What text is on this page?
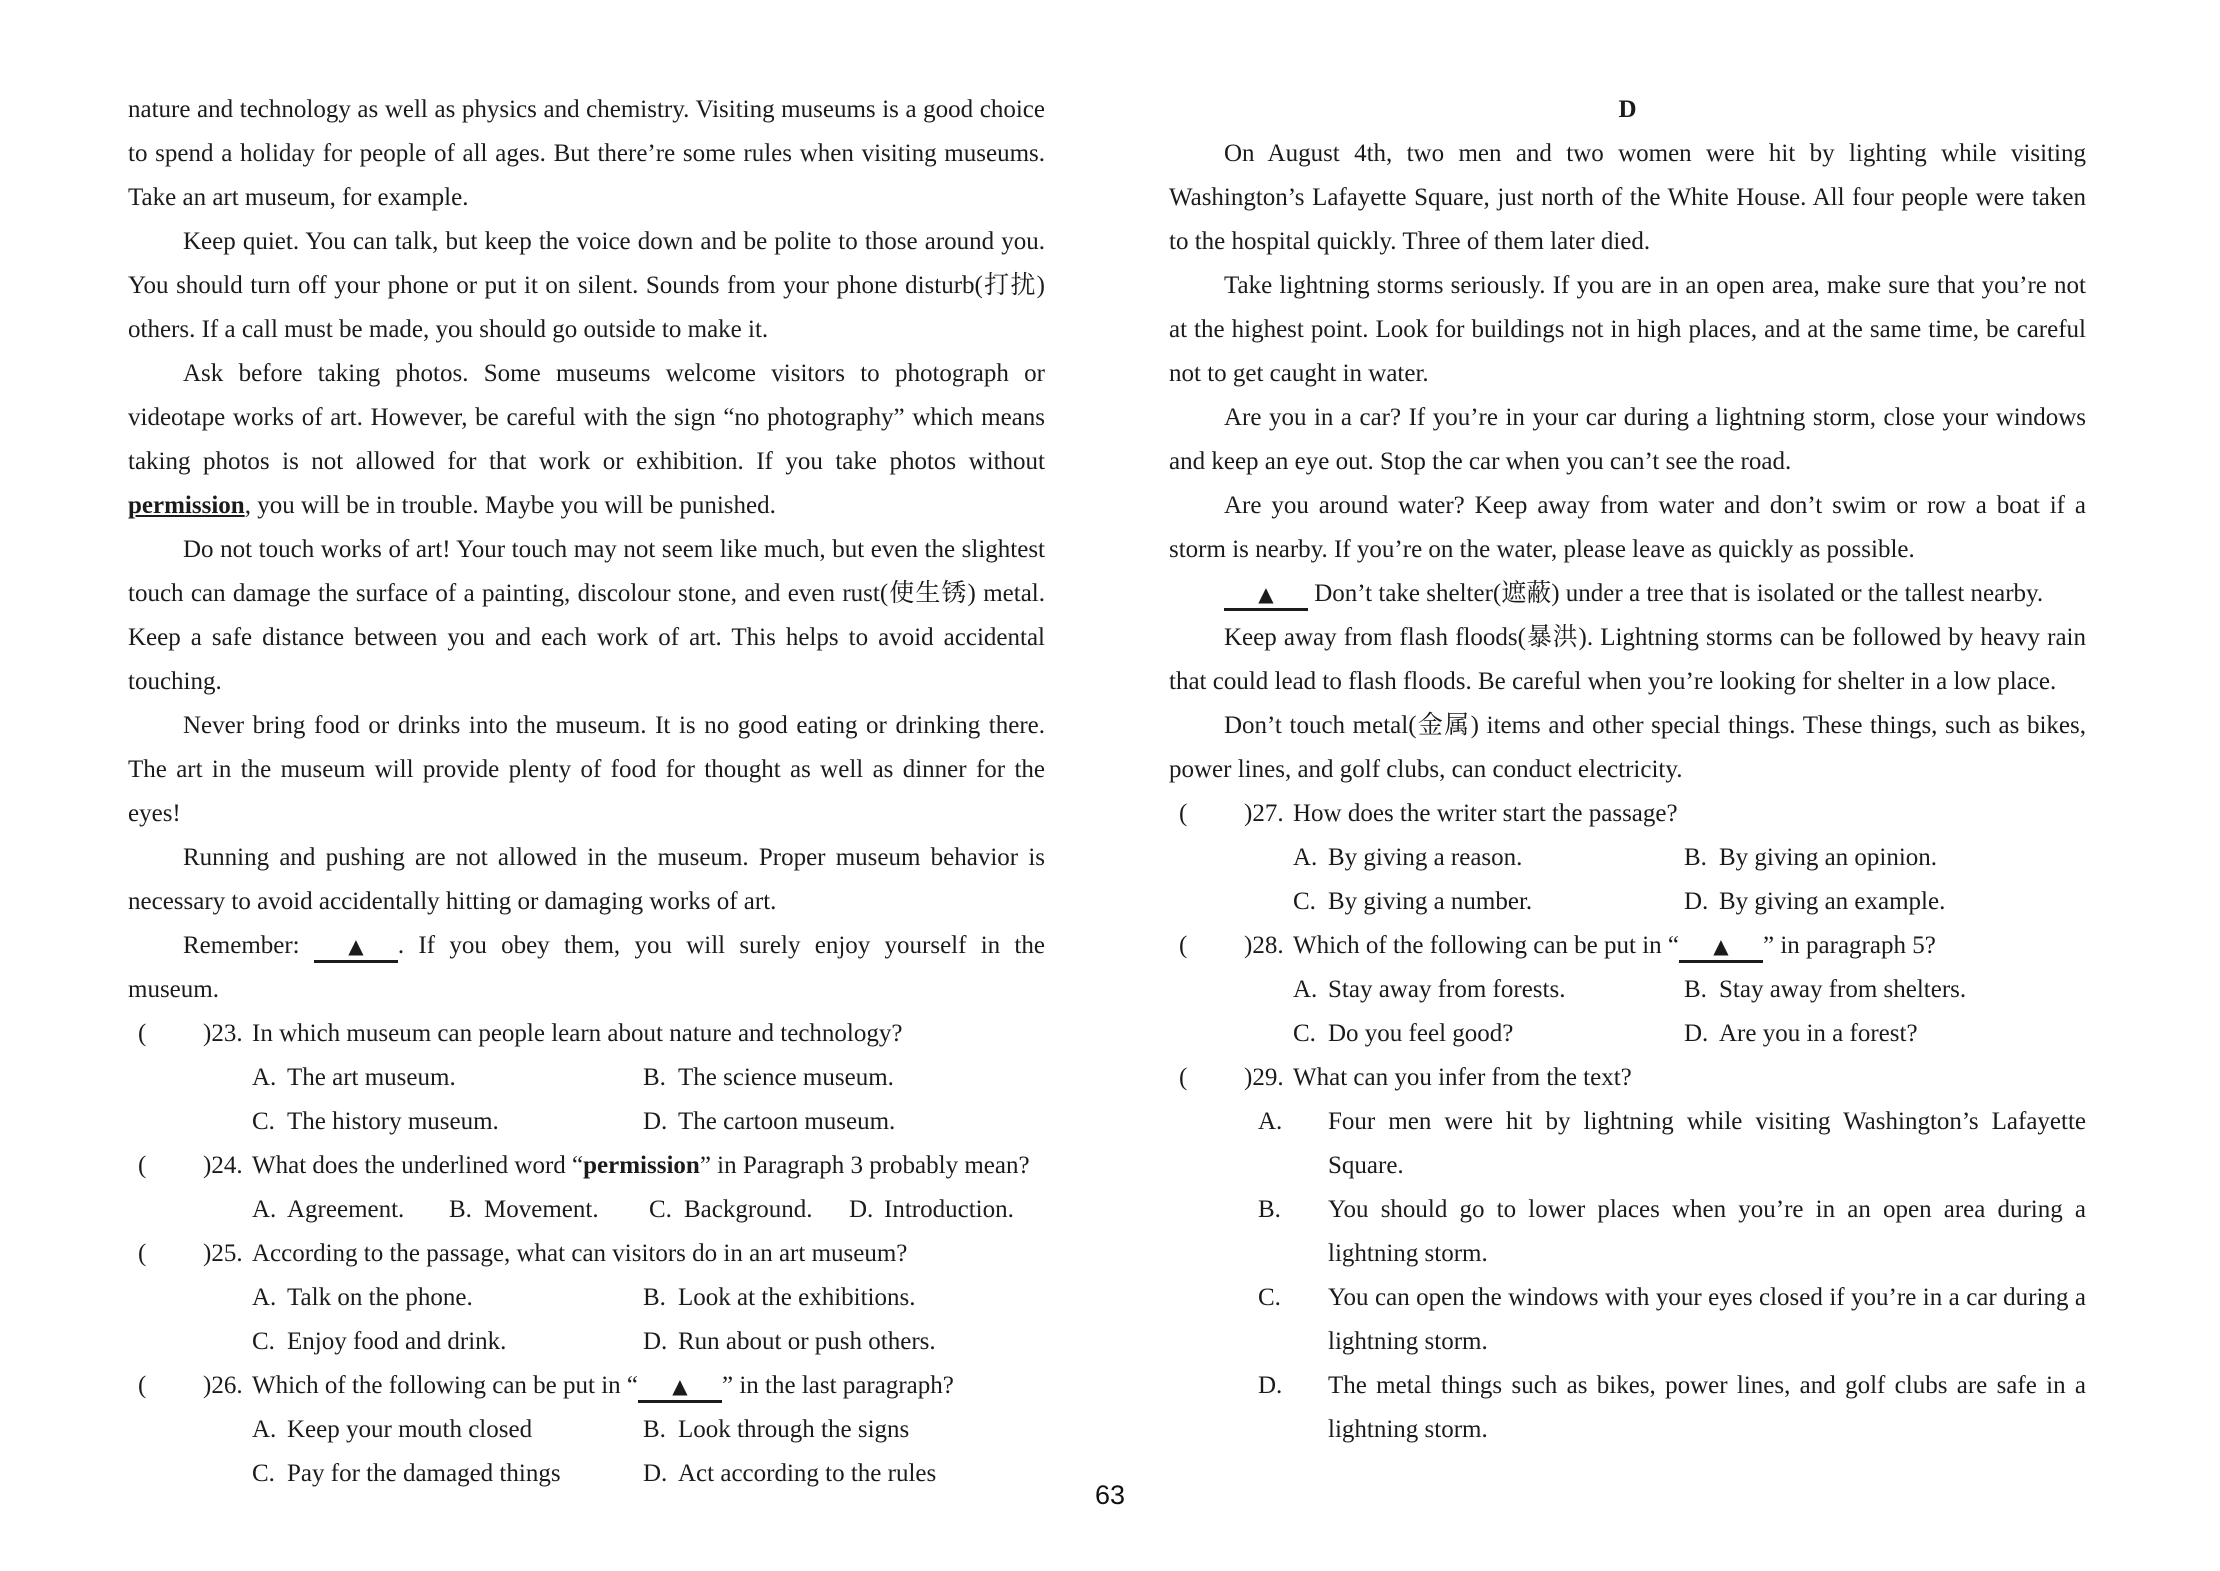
nature and technology as well as physics and chemistry. Visiting museums is a good choice to spend a holiday for people of all ages. But there’re some rules when visiting museums. Take an art museum, for example.
Keep quiet. You can talk, but keep the voice down and be polite to those around you. You should turn off your phone or put it on silent. Sounds from your phone disturb(打扰) others. If a call must be made, you should go outside to make it.
Ask before taking photos. Some museums welcome visitors to photograph or videotape works of art. However, be careful with the sign “no photography” which means taking photos is not allowed for that work or exhibition. If you take photos without permission, you will be in trouble. Maybe you will be punished.
Do not touch works of art! Your touch may not seem like much, but even the slightest touch can damage the surface of a painting, discolour stone, and even rust(使生锈) metal. Keep a safe distance between you and each work of art. This helps to avoid accidental touching.
Never bring food or drinks into the museum. It is no good eating or drinking there. The art in the museum will provide plenty of food for thought as well as dinner for the eyes!
Running and pushing are not allowed in the museum. Proper museum behavior is necessary to avoid accidentally hitting or damaging works of art.
Remember: ▲ . If you obey them, you will surely enjoy yourself in the museum.
( )23. In which museum can people learn about nature and technology?
A. The art museum.	B. The science museum.
C. The history museum.	D. The cartoon museum.
( )24. What does the underlined word “permission” in Paragraph 3 probably mean?
A. Agreement.	B. Movement.	C. Background.	D. Introduction.
( )25. According to the passage, what can visitors do in an art museum?
A. Talk on the phone.	B. Look at the exhibitions.
C. Enjoy food and drink.	D. Run about or push others.
( )26. Which of the following can be put in “ ▲ ” in the last paragraph?
A. Keep your mouth closed	B. Look through the signs
C. Pay for the damaged things	D. Act according to the rules
D
On August 4th, two men and two women were hit by lighting while visiting Washington’s Lafayette Square, just north of the White House. All four people were taken to the hospital quickly. Three of them later died.
Take lightning storms seriously. If you are in an open area, make sure that you’re not at the highest point. Look for buildings not in high places, and at the same time, be careful not to get caught in water.
Are you in a car? If you’re in your car during a lightning storm, close your windows and keep an eye out. Stop the car when you can’t see the road.
Are you around water? Keep away from water and don’t swim or row a boat if a storm is nearby. If you’re on the water, please leave as quickly as possible.
▲ Don’t take shelter(遮蔽) under a tree that is isolated or the tallest nearby.
Keep away from flash floods(暴洪). Lightning storms can be followed by heavy rain that could lead to flash floods. Be careful when you’re looking for shelter in a low place.
Don’t touch metal(金属) items and other special things. These things, such as bikes, power lines, and golf clubs, can conduct electricity.
( )27. How does the writer start the passage?
A. By giving a reason.	B. By giving an opinion.
C. By giving a number.	D. By giving an example.
( )28. Which of the following can be put in “ ▲ ” in paragraph 5?
A. Stay away from forests.	B. Stay away from shelters.
C. Do you feel good?	D. Are you in a forest?
( )29. What can you infer from the text?
A. Four men were hit by lightning while visiting Washington’s Lafayette Square.
B. You should go to lower places when you’re in an open area during a lightning storm.
C. You can open the windows with your eyes closed if you’re in a car during a lightning storm.
D. The metal things such as bikes, power lines, and golf clubs are safe in a lightning storm.
63
